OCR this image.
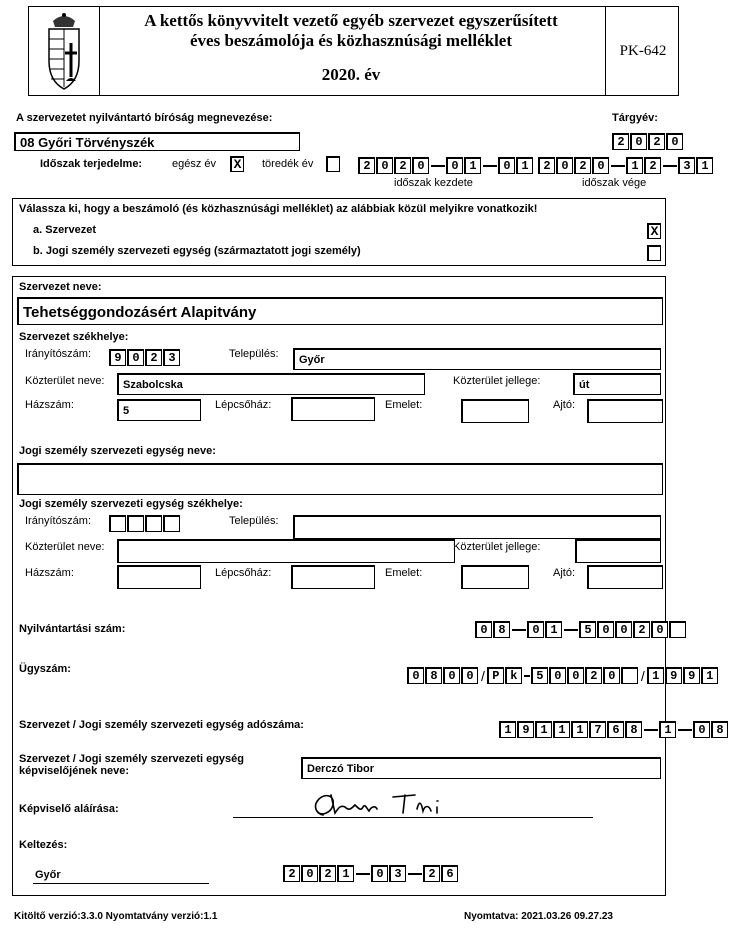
A kettős könyvvitelt vezető egyéb szervezet egyszerűsített
éves beszámolója és közhasznúsági melléklet
2020. év
PK-642
A szervezetet nyilvántartó bíróság megnevezése:	Tárgyév:
08 Győri Törvényszék	2 0 2 0
Időszak terjedelme:	egész év X töredék év	2 0 2 0	0 1	0 1
időszak kezdete
2 0 2 0	1 2	3 1
időszak vége
Válassza ki, hogy a beszámoló (és közhasznúsági melléklet) az alábbiak közül melyikre vonatkozik!
a. Szervezet	X
b. Jogi személy szervezeti egység (származtatott jogi személy)
Szervezet neve:
Tehetséggondozásért Alapitvány
Szervezet székhelye:
Irányítószám:	9 0 2 3	Település:	Győr
Közterület neve:	Szabolcska	Közterület jellege:	út
Házszám:	5	Lépcsőház:	Emelet:	Ajtó:
Jogi személy szervezeti egység neve:
Jogi személy szervezeti egység székhelye:
Irányítószám:	Település:
Közterület neve:	Közterület jellege:
Házszám:	Lépcsőház:	Emelet:	Ajtó:
Nyilvántartási szám:	0 8	0 1	5 0 0 2 0
Ügyszám:	0 8 0 0 / P k	5 0 0 2 0	/ 1 9 9 1
Szervezet / Jogi személy szervezeti egység adószáma:	1 9 1 1 1 7 6 8	1	0 8
Szervezet / Jogi személy szervezeti egység
képviselőjének neve:	Derczó Tibor
Képviselő aláírása:
Keltezés:
Győr	2 0 2 1	0 3	2 6
Kitöltő verzió:3.3.0 Nyomtatvány verzió:1.1	Nyomtatva: 2021.03.26 09.27.23
